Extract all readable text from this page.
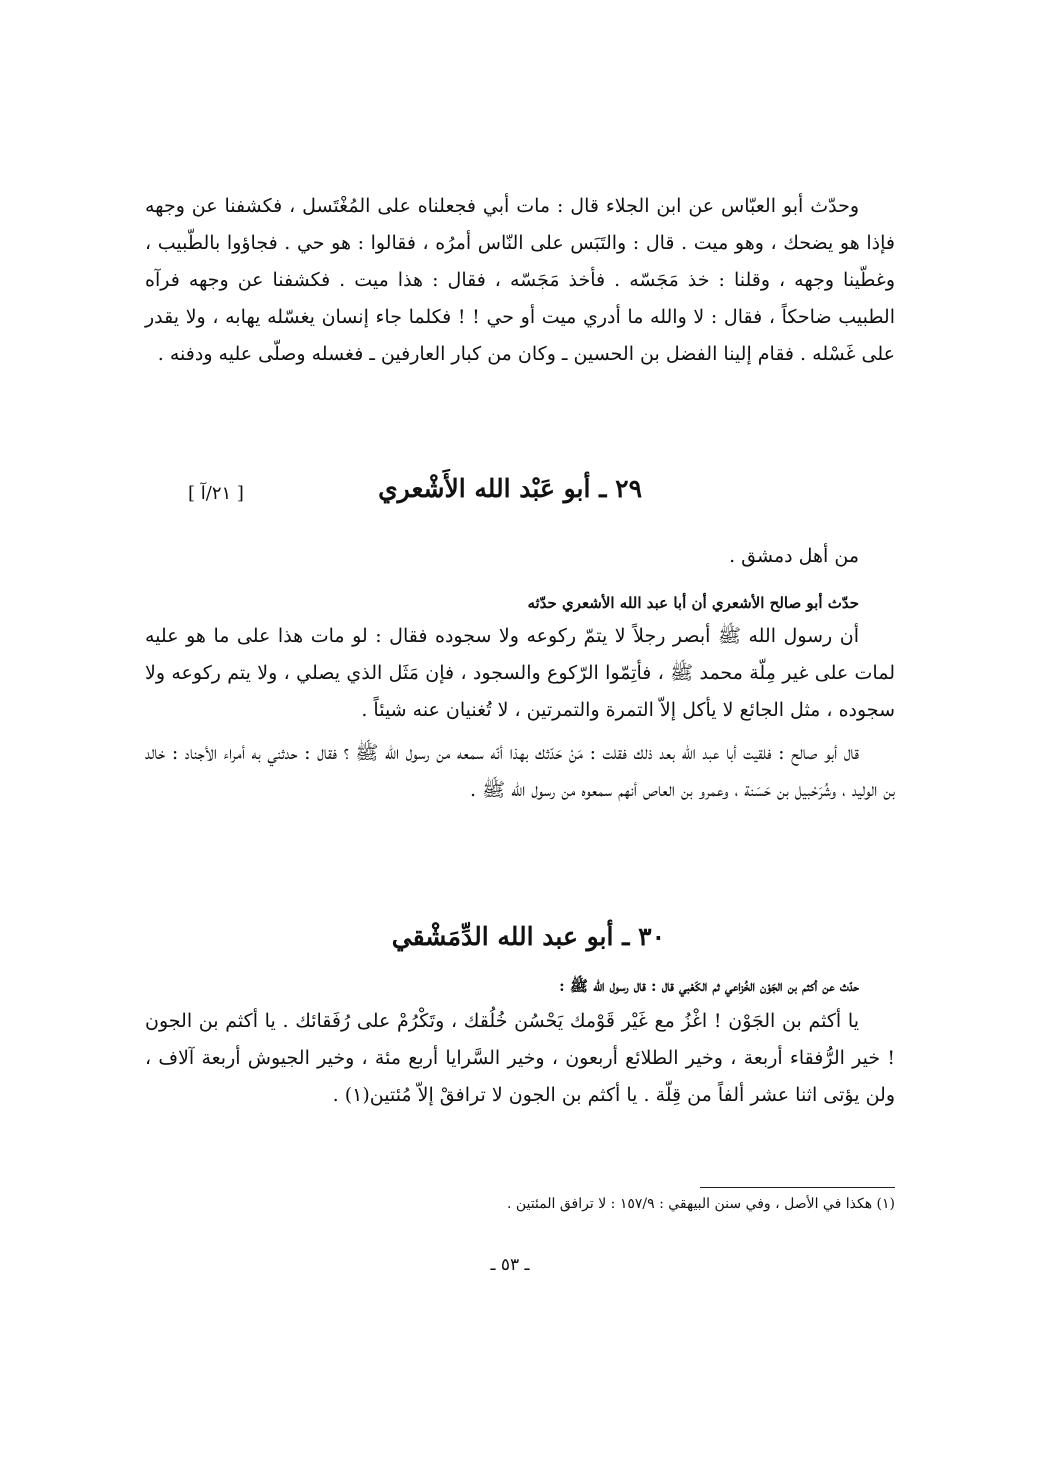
وحدّث أبو العبّاس عن ابن الجلاء قال : مات أبي فجعلناه على المُغْتَسل ، فكشفنا عن وجهه فإذا هو يضحك ، وهو ميت . قال : والتَبَس على النّاس أمرُه ، فقالوا : هو حي . فجاؤوا بالطّبيب ، وغطّينا وجهه ، وقلنا : خذ مَجَسّه . فأخذ مَجَسّه ، فقال : هذا ميت . فكشفنا عن وجهه فرآه الطبيب ضاحكاً ، فقال : لا والله ما أدري ميت أو حي ! ! فكلما جاء إنسان يغسّله يهابه ، ولا يقدر على غَسْله . فقام إلينا الفضل بن الحسين ـ وكان من كبار العارفين ـ فغسله وصلّى عليه ودفنه .

٢٩ ـ أبو عَبْد الله الأَشْعري
[ ٢١/آ ]

من أهل دمشق .

حدّث أبو صالح الأشعري أن أبا عبد الله الأشعري حدّثه

أن رسول الله ﷺ أبصر رجلاً لا يتمّ ركوعه ولا سجوده فقال : لو مات هذا على ما هو عليه لمات على غير مِلّة محمد ﷺ ، فأتِمّوا الرّكوع والسجود ، فإن مَثَل الذي يصلي ، ولا يتم ركوعه ولا سجوده ، مثل الجائع لا يأكل إلاّ التمرة والتمرتين ، لا تُغنيان عنه شيئاً .

قال أبو صالح : فلقيت أبا عبد الله بعد ذلك فقلت : مَنْ حَدّثك بهذا أنّه سمعه من رسول الله ﷺ ؟ فقال : حدثني به أمراء الأجناد : خالد بن الوليد ، وشُرَحْبيل بن حَسَنة ، وعمرو بن العاص أنهم سمعوه من رسول الله ﷺ .

٣٠ ـ أبو عبد الله الدِّمَشْقي

حدّث عن أكثم بن الجَوْن الخُزاعي ثم الكَعْبي قال : قال رسول الله ﷺ :

يا أكثم بن الجَوْن ! اغْزُ مع غَيْر قَوْمك يَحْسُن خُلُقك ، وتَكْرُمْ على رُفَقائك . يا أكثم بن الجون ! خير الرُّفقاء أربعة ، وخير الطلائع أربعون ، وخير السَّرايا أربع مئة ، وخير الجيوش أربعة آلاف ، ولن يؤتى اثنا عشر ألفاً من قِلّة . يا أكثم بن الجون لا ترافقْ إلاّ مُئتين(١) .

(١) هكذا في الأصل ، وفي سنن البيهقي : ١٥٧/٩ : لا ترافق المئتين .
ـ ٥٣ ـ
